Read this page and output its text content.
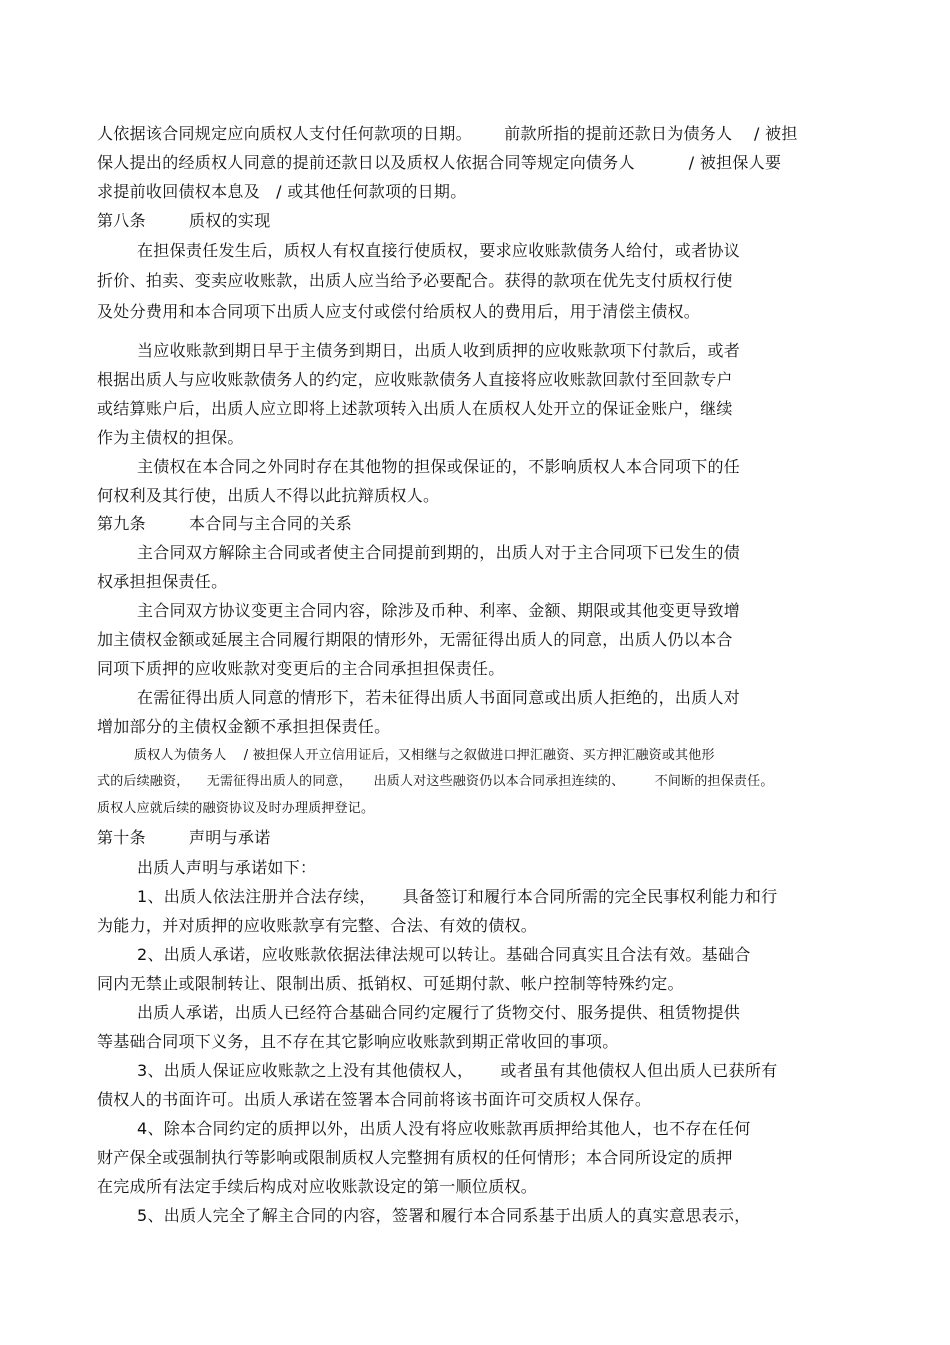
人依据该合同规定应向质权人支付任何款项的日期。      前款所指的提前还款日为债务人    / 被担

保人提出的经质权人同意的提前还款日以及质权人依据合同等规定向债务人          / 被担保人要

求提前收回债权本息及   / 或其他任何款项的日期。

第八条        质权的实现

在担保责任发生后，质权人有权直接行使质权，要求应收账款债务人给付，或者协议

折价、拍卖、变卖应收账款，出质人应当给予必要配合。获得的款项在优先支付质权行使

及处分费用和本合同项下出质人应支付或偿付给质权人的费用后，用于清偿主债权。

当应收账款到期日早于主债务到期日，出质人收到质押的应收账款项下付款后，或者

根据出质人与应收账款债务人的约定，应收账款债务人直接将应收账款回款付至回款专户

或结算账户后，出质人应立即将上述款项转入出质人在质权人处开立的保证金账户，继续

作为主债权的担保。

主债权在本合同之外同时存在其他物的担保或保证的，不影响质权人本合同项下的任

何权利及其行使，出质人不得以此抗辩质权人。

第九条        本合同与主合同的关系

主合同双方解除主合同或者使主合同提前到期的，出质人对于主合同项下已发生的债

权承担担保责任。

主合同双方协议变更主合同内容，除涉及币种、利率、金额、期限或其他变更导致增

加主债权金额或延展主合同履行期限的情形外，无需征得出质人的同意，出质人仍以本合

同项下质押的应收账款对变更后的主合同承担担保责任。

在需征得出质人同意的情形下，若未征得出质人书面同意或出质人拒绝的，出质人对

增加部分的主债权金额不承担担保责任。

质权人为债务人    / 被担保人开立信用证后，又相继与之叙做进口押汇融资、买方押汇融资或其他形

式的后续融资，    无需征得出质人的同意，     出质人对这些融资仍以本合同承担连续的、       不间断的担保责任。

质权人应就后续的融资协议及时办理质押登记。

第十条        声明与承诺

出质人声明与承诺如下：

1、出质人依法注册并合法存续，     具备签订和履行本合同所需的完全民事权利能力和行

为能力，并对质押的应收账款享有完整、合法、有效的债权。

2、出质人承诺，应收账款依据法律法规可以转让。基础合同真实且合法有效。基础合

同内无禁止或限制转让、限制出质、抵销权、可延期付款、帐户控制等特殊约定。

出质人承诺，出质人已经符合基础合同约定履行了货物交付、服务提供、租赁物提供

等基础合同项下义务，且不存在其它影响应收账款到期正常收回的事项。

3、出质人保证应收账款之上没有其他债权人，     或者虽有其他债权人但出质人已获所有

债权人的书面许可。出质人承诺在签署本合同前将该书面许可交质权人保存。

4、除本合同约定的质押以外，出质人没有将应收账款再质押给其他人，也不存在任何

财产保全或强制执行等影响或限制质权人完整拥有质权的任何情形；本合同所设定的质押

在完成所有法定手续后构成对应收账款设定的第一顺位质权。

5、出质人完全了解主合同的内容，签署和履行本合同系基于出质人的真实意思表示，
